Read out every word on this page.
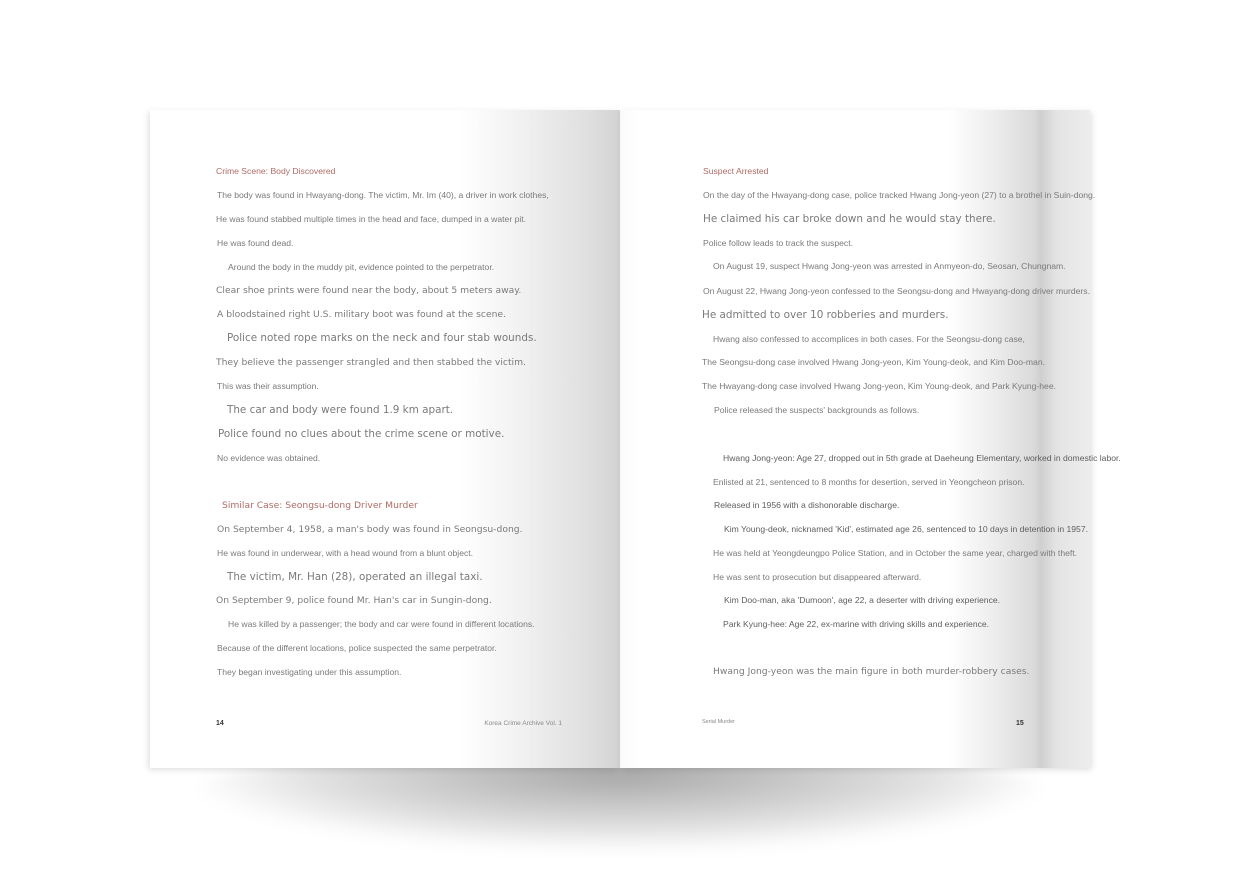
14	Korea Crime Archive Vol. 1
Crime Scene: Body Discovered
The body was found in Hwayang-dong. The victim, Mr. Im (40), a driver in work clothes,
He was found stabbed multiple times in the head and face, dumped in a water pit.
He was found dead.
Around the body in the muddy pit, evidence pointed to the perpetrator.
Clear shoe prints were found near the body, about 5 meters away.
A bloodstained right U.S. military boot was found at the scene.
Police noted rope marks on the neck and four stab wounds.
They believe the passenger strangled and then stabbed the victim.
This was their assumption.
The car and body were found 1.9 km apart.
Police found no clues about the crime scene or motive.
No evidence was obtained.
Similar Case: Seongsu-dong Driver Murder
On September 4, 1958, a man's body was found in Seongsu-dong.
He was found in underwear, with a head wound from a blunt object.
The victim, Mr. Han (28), operated an illegal taxi.
On September 9, police found Mr. Han's car in Sungin-dong.
He was killed by a passenger; the body and car were found in different locations.
Because of the different locations, police suspected the same perpetrator.
They began investigating under this assumption.
Serial Murder	15
Suspect Arrested
On the day of the Hwayang-dong case, police tracked Hwang Jong-yeon (27) to a brothel in Suin-dong.
He claimed his car broke down and he would stay there.
Police follow leads to track the suspect.
On August 19, suspect Hwang Jong-yeon was arrested in Anmyeon-do, Seosan, Chungnam.
On August 22, Hwang Jong-yeon confessed to the Seongsu-dong and Hwayang-dong driver murders.
He admitted to over 10 robberies and murders.
Hwang also confessed to accomplices in both cases. For the Seongsu-dong case,
The Seongsu-dong case involved Hwang Jong-yeon, Kim Young-deok, and Kim Doo-man.
The Hwayang-dong case involved Hwang Jong-yeon, Kim Young-deok, and Park Kyung-hee.
Police released the suspects' backgrounds as follows.
Hwang Jong-yeon: Age 27, dropped out in 5th grade at Daeheung Elementary, worked in domestic labor.
Enlisted at 21, sentenced to 8 months for desertion, served in Yeongcheon prison.
Released in 1956 with a dishonorable discharge.
Kim Young-deok, nicknamed 'Kid', estimated age 26, sentenced to 10 days in detention in 1957.
He was held at Yeongdeungpo Police Station, and in October the same year, charged with theft.
He was sent to prosecution but disappeared afterward.
Kim Doo-man, aka 'Dumoon', age 22, a deserter with driving experience.
Park Kyung-hee: Age 22, ex-marine with driving skills and experience.
Hwang Jong-yeon was the main figure in both murder-robbery cases.
